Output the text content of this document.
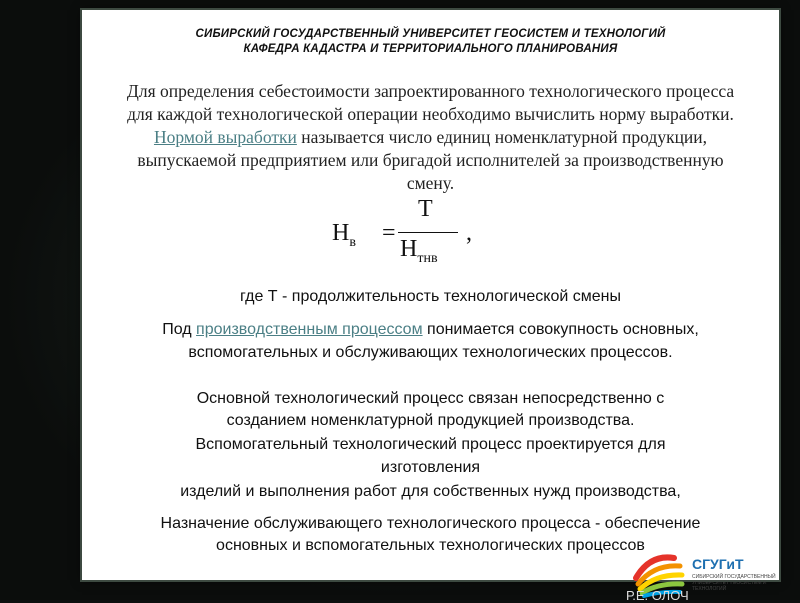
СИБИРСКИЙ ГОСУДАРСТВЕННЫЙ УНИВЕРСИТЕТ ГЕОСИСТЕМ И ТЕХНОЛОГИЙ
КАФЕДРА КАДАСТРА И ТЕРРИТОРИАЛЬНОГО ПЛАНИРОВАНИЯ
Для определения себестоимости запроектированного технологического процесса
для каждой технологической операции необходимо вычислить норму выработки.
Нормой выработки называется число единиц номенклатурной продукции,
выпускаемой предприятием или бригадой исполнителей за производственную
смену.
$Н_в$ =
Т
$Н_{тнв}$
,
где Т - продолжительность технологической смены
Под производственным процессом понимается совокупность основных,
вспомогательных и обслуживающих технологических процессов.
Основной технологический процесс связан непосредственно с
созданием номенклатурной продукцией производства.
Вспомогательный технологический процесс проектируется для
изготовления
изделий и выполнения работ для собственных нужд производства,
Назначение обслуживающего технологического процесса - обеспечение
основных и вспомогательных технологических процессов
СГУГиТ
СИБИРСКИЙ ГОСУДАРСТВЕННЫЙ УНИВЕРСИТЕТ ГЕОСИСТЕМ И ТЕХНОЛОГИЙ
Р.Е. ОЛОЧ
